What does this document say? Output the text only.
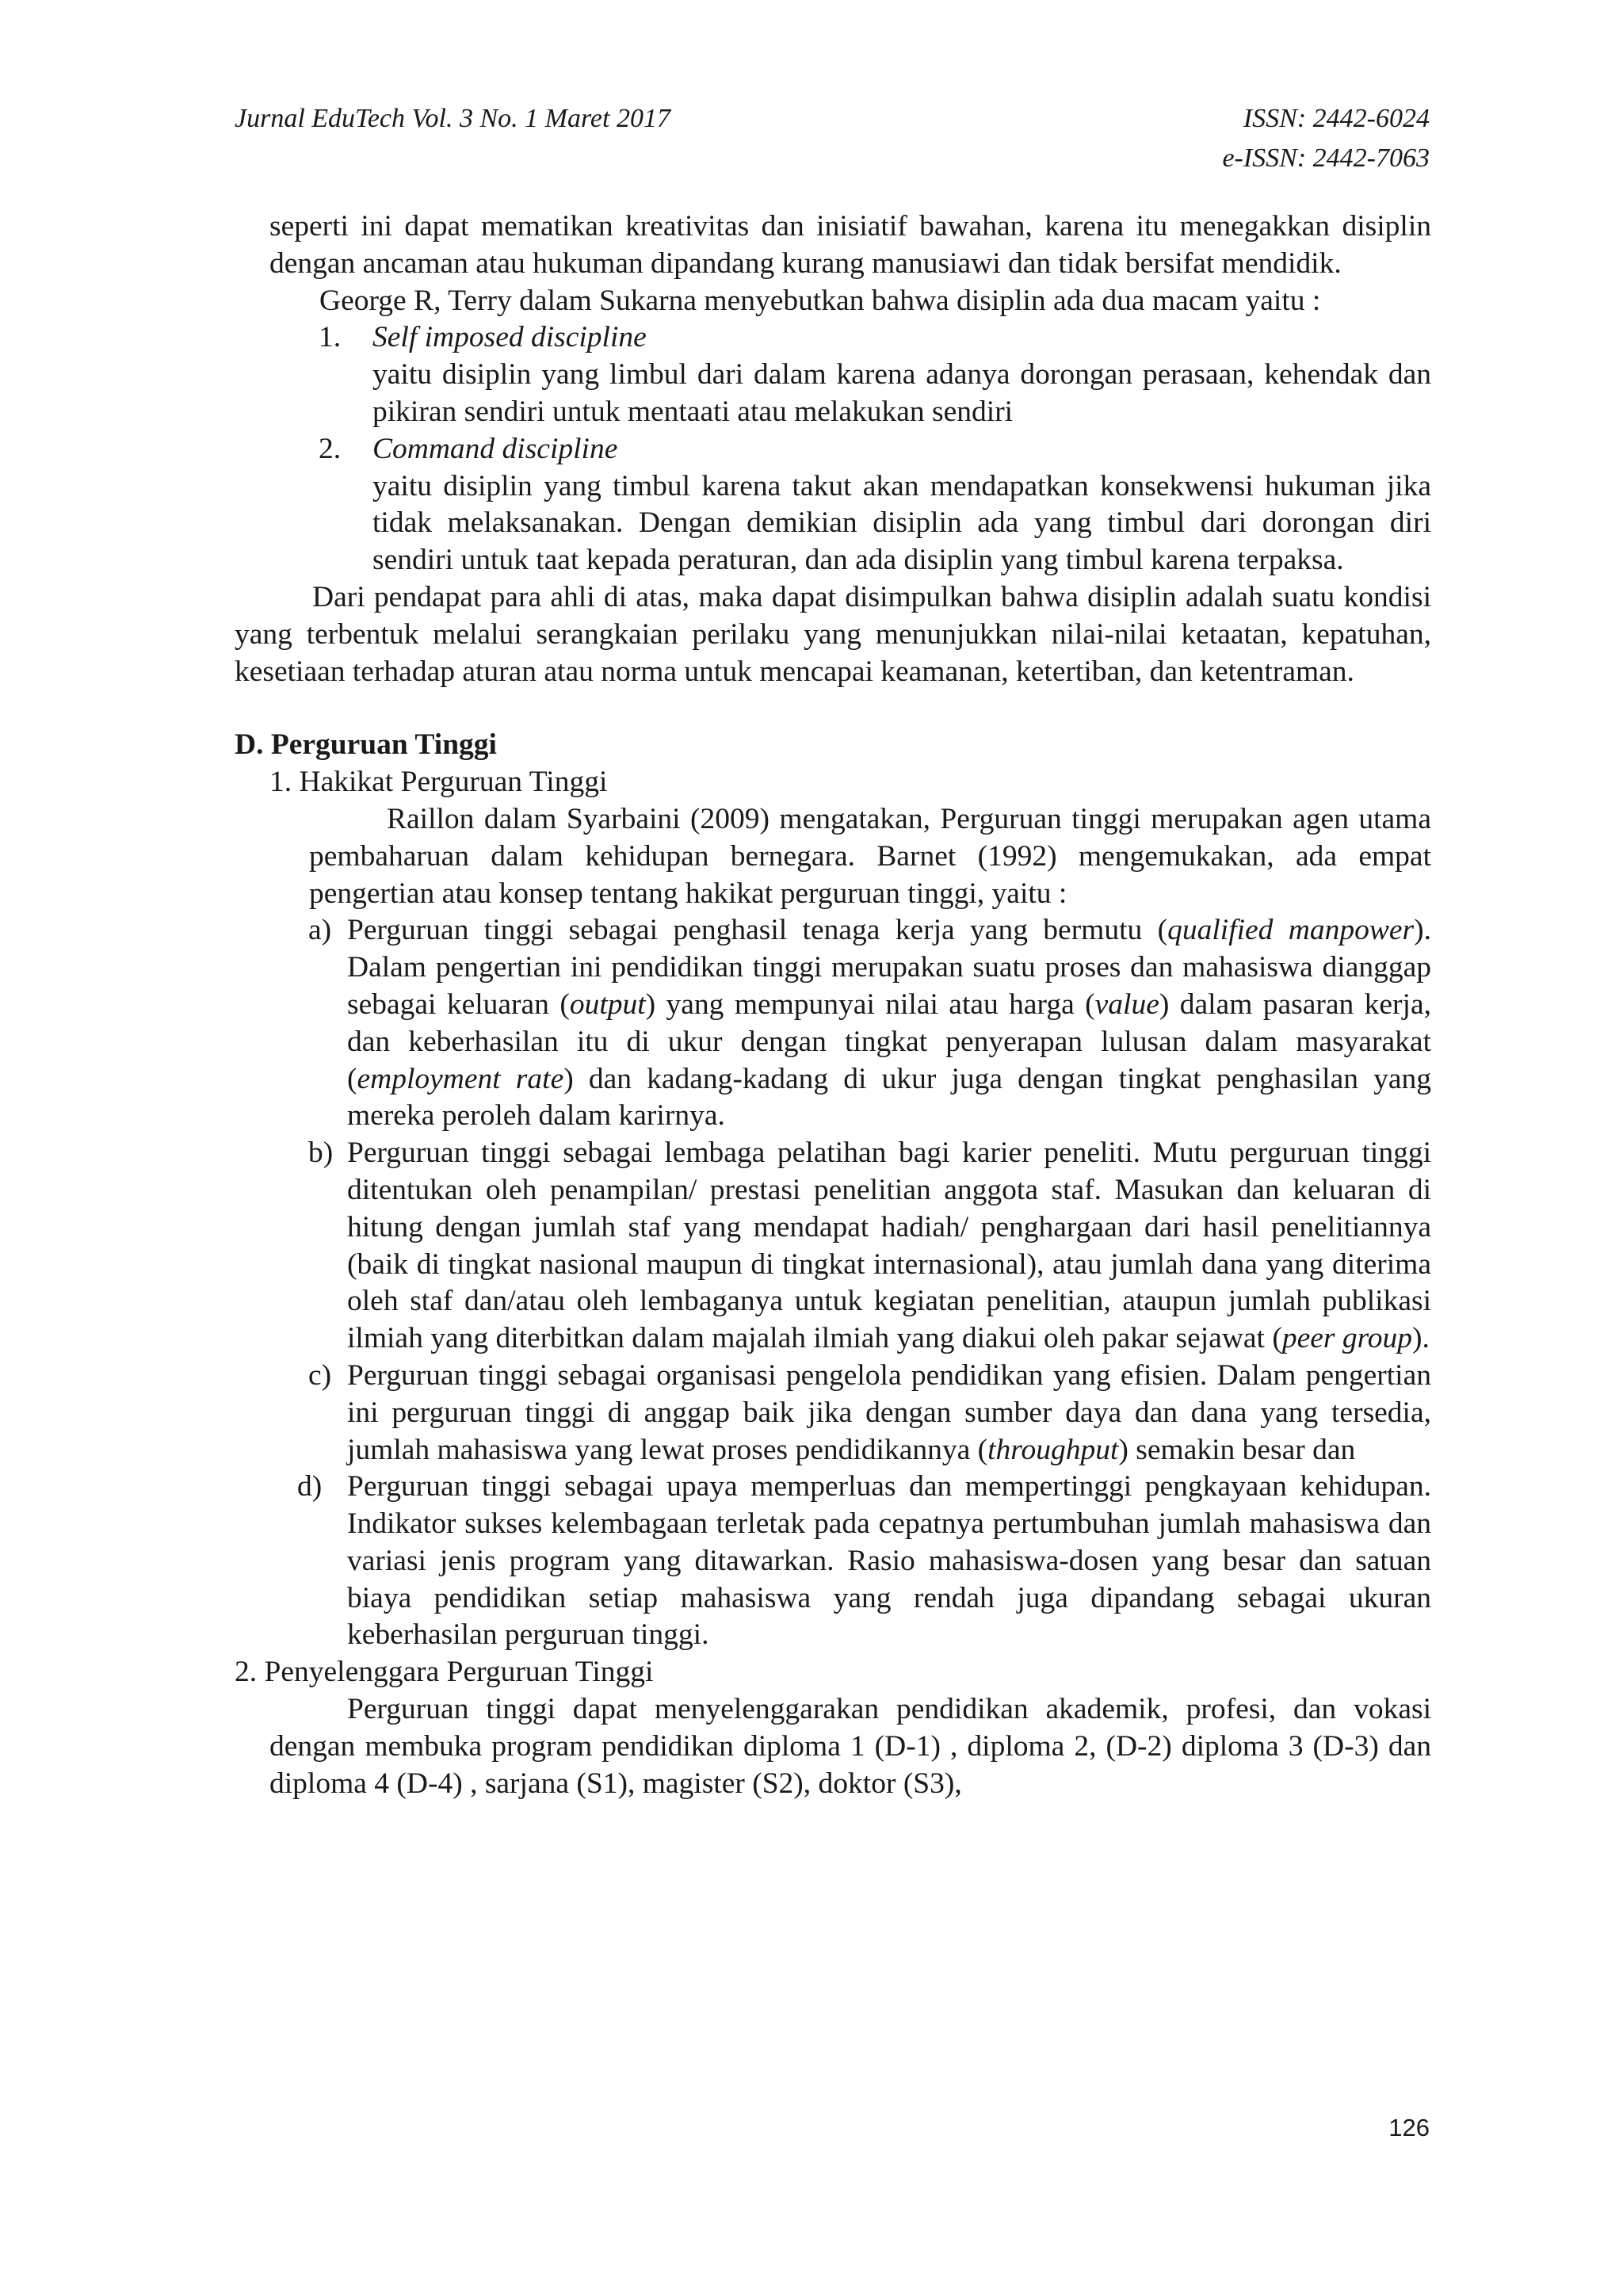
Jurnal EduTech Vol. 3 No. 1 Maret 2017	ISSN: 2442-6024
e-ISSN: 2442-7063

seperti ini dapat mematikan kreativitas dan inisiatif bawahan, karena itu menegakkan disiplin dengan ancaman atau hukuman dipandang kurang manusiawi dan tidak bersifat mendidik.

George R, Terry dalam Sukarna menyebutkan bahwa disiplin ada dua macam yaitu :

1. Self imposed discipline

yaitu disiplin yang limbul dari dalam karena adanya dorongan perasaan, kehendak dan pikiran sendiri untuk mentaati atau melakukan sendiri

2. Command discipline

yaitu disiplin yang timbul karena takut akan mendapatkan konsekwensi hukuman jika tidak melaksanakan. Dengan demikian disiplin ada yang timbul dari dorongan diri sendiri untuk taat kepada peraturan, dan ada disiplin yang timbul karena terpaksa.

Dari pendapat para ahli di atas, maka dapat disimpulkan bahwa disiplin adalah suatu kondisi yang terbentuk melalui serangkaian perilaku yang menunjukkan nilai-nilai ketaatan, kepatuhan, kesetiaan terhadap aturan atau norma untuk mencapai keamanan, ketertiban, dan ketentraman.

D. Perguruan Tinggi

1. Hakikat Perguruan Tinggi

Raillon dalam Syarbaini (2009) mengatakan, Perguruan tinggi merupakan agen utama pembaharuan dalam kehidupan bernegara. Barnet (1992) mengemukakan, ada empat pengertian atau konsep tentang hakikat perguruan tinggi, yaitu :

a) Perguruan tinggi sebagai penghasil tenaga kerja yang bermutu (qualified manpower). Dalam pengertian ini pendidikan tinggi merupakan suatu proses dan mahasiswa dianggap sebagai keluaran (output) yang mempunyai nilai atau harga (value) dalam pasaran kerja, dan keberhasilan itu di ukur dengan tingkat penyerapan lulusan dalam masyarakat (employment rate) dan kadang-kadang di ukur juga dengan tingkat penghasilan yang mereka peroleh dalam karirnya.
b) Perguruan tinggi sebagai lembaga pelatihan bagi karier peneliti. Mutu perguruan tinggi ditentukan oleh penampilan/ prestasi penelitian anggota staf. Masukan dan keluaran di hitung dengan jumlah staf yang mendapat hadiah/ penghargaan dari hasil penelitiannya (baik di tingkat nasional maupun di tingkat internasional), atau jumlah dana yang diterima oleh staf dan/atau oleh lembaganya untuk kegiatan penelitian, ataupun jumlah publikasi ilmiah yang diterbitkan dalam majalah ilmiah yang diakui oleh pakar sejawat (peer group).
c) Perguruan tinggi sebagai organisasi pengelola pendidikan yang efisien. Dalam pengertian ini perguruan tinggi di anggap baik jika dengan sumber daya dan dana yang tersedia, jumlah mahasiswa yang lewat proses pendidikannya (throughput) semakin besar dan
d) Perguruan tinggi sebagai upaya memperluas dan mempertinggi pengkayaan kehidupan. Indikator sukses kelembagaan terletak pada cepatnya pertumbuhan jumlah mahasiswa dan variasi jenis program yang ditawarkan. Rasio mahasiswa-dosen yang besar dan satuan biaya pendidikan setiap mahasiswa yang rendah juga dipandang sebagai ukuran keberhasilan perguruan tinggi.

2. Penyelenggara Perguruan Tinggi

Perguruan tinggi dapat menyelenggarakan pendidikan akademik, profesi, dan vokasi dengan membuka program pendidikan diploma 1 (D-1) , diploma 2, (D-2) diploma 3 (D-3) dan diploma 4 (D-4) , sarjana (S1), magister (S2), doktor (S3),

126
